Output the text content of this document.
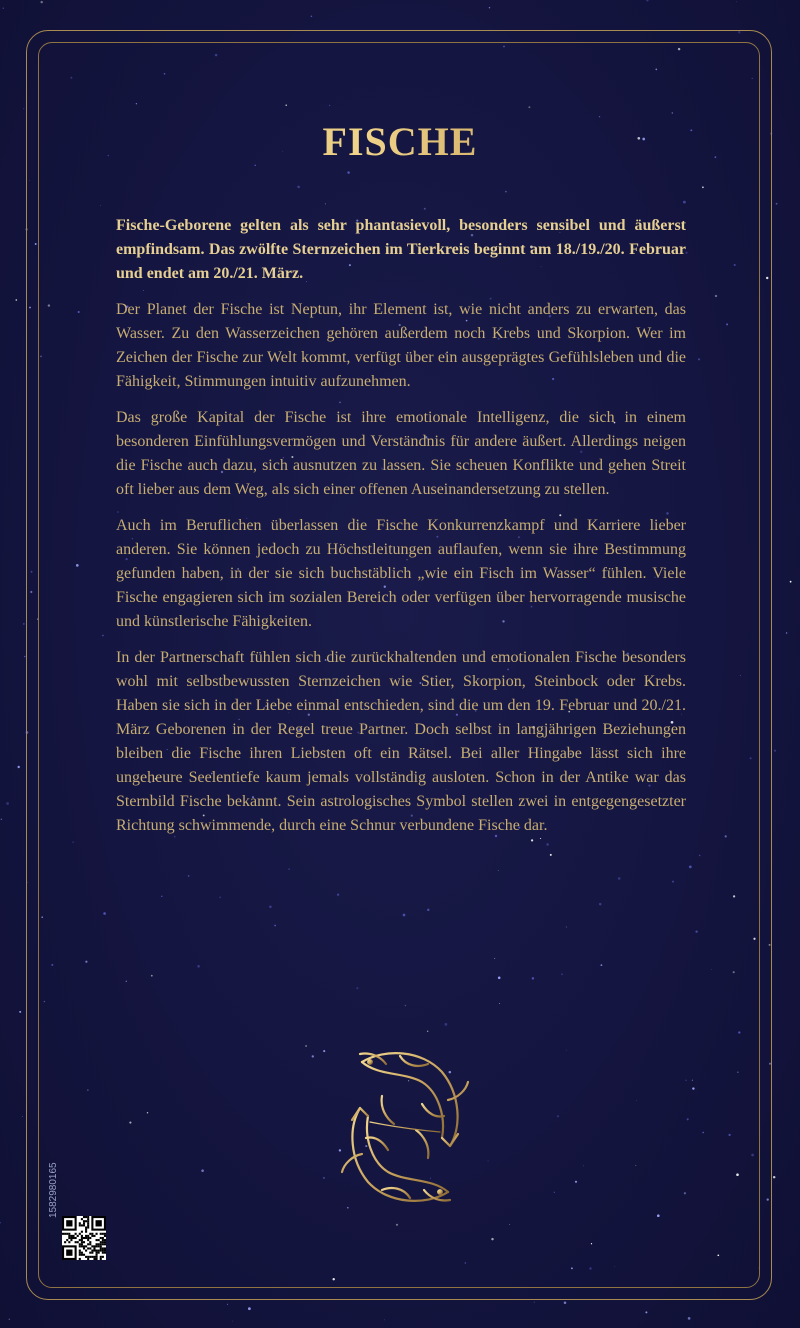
FISCHE

Fische-Geborene gelten als sehr phantasievoll, besonders sensibel und äußerst empfindsam. Das zwölfte Sternzeichen im Tierkreis beginnt am 18./19./20. Februar und endet am 20./21. März.

Der Planet der Fische ist Neptun, ihr Element ist, wie nicht anders zu erwarten, das Wasser. Zu den Wasserzeichen gehören außerdem noch Krebs und Skorpion. Wer im Zeichen der Fische zur Welt kommt, verfügt über ein ausgeprägtes Gefühlsleben und die Fähigkeit, Stimmungen intuitiv aufzunehmen.

Das große Kapital der Fische ist ihre emotionale Intelligenz, die sich in einem besonderen Einfühlungsvermögen und Verständnis für andere äußert. Allerdings neigen die Fische auch dazu, sich ausnutzen zu lassen. Sie scheuen Konflikte und gehen Streit oft lieber aus dem Weg, als sich einer offenen Auseinandersetzung zu stellen.

Auch im Beruflichen überlassen die Fische Konkurrenzkampf und Karriere lieber anderen. Sie können jedoch zu Höchstleitungen auflaufen, wenn sie ihre Bestimmung gefunden haben, in der sie sich buchstäblich „wie ein Fisch im Wasser“ fühlen. Viele Fische engagieren sich im sozialen Bereich oder verfügen über hervorragende musische und künstlerische Fähigkeiten.

In der Partnerschaft fühlen sich die zurückhaltenden und emotionalen Fische besonders wohl mit selbstbewussten Sternzeichen wie Stier, Skorpion, Steinbock oder Krebs. Haben sie sich in der Liebe einmal entschieden, sind die um den 19. Februar und 20./21. März Geborenen in der Regel treue Partner. Doch selbst in langjährigen Beziehungen bleiben die Fische ihren Liebsten oft ein Rätsel. Bei aller Hingabe lässt sich ihre ungeheure Seelentiefe kaum jemals vollständig ausloten. Schon in der Antike war das Sternbild Fische bekannt. Sein astrologisches Symbol stellen zwei in entgegengesetzter Richtung schwimmende, durch eine Schnur verbundene Fische dar.

1582980165
